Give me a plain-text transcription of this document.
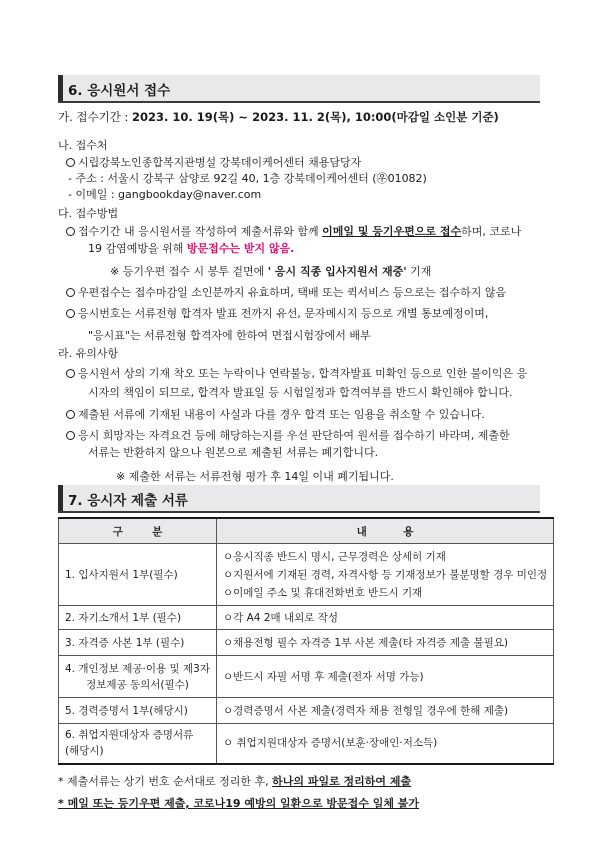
6. 응시원서 접수
가. 접수기간 : 2023. 10. 19(목) ~ 2023. 11. 2(목), 10:00(마감일 소인분 기준)
나. 접수처
시립강북노인종합복지관병설 강북데이케어센터 채용담당자
- 주소 : 서울시 강북구 삼양로 92길 40, 1층 강북데이케어센터 (㉾01082)
- 이메일 : gangbookday@naver.com
다. 접수방법
접수기간 내 응시원서를 작성하여 제출서류와 함께 이메일 및 등기우편으로 접수하며, 코로나
19 감염예방을 위해 방문접수는 받지 않음.
※ 등기우편 접수 시 봉투 겉면에 ' 응시 직종 입사지원서 재중' 기재
우편접수는 접수마감일 소인분까지 유효하며, 택배 또는 퀵서비스 등으로는 접수하지 않음
응시번호는 서류전형 합격자 발표 전까지 유선, 문자메시지 등으로 개별 통보예정이며,
"응시표"는 서류전형 합격자에 한하여 면접시험장에서 배부
라. 유의사항
응시원서 상의 기재 착오 또는 누락이나 연락불능, 합격자발표 미확인 등으로 인한 불이익은 응
시자의 책임이 되므로, 합격자 발표일 등 시험일정과 합격여부를 반드시 확인해야 합니다.
제출된 서류에 기재된 내용이 사실과 다를 경우 합격 또는 임용을 취소할 수 있습니다.
응시 희망자는 자격요건 등에 해당하는지를 우선 판단하여 원서를 접수하기 바라며, 제출한
서류는 반환하지 않으나 원본으로 제출된 서류는 폐기합니다.
※ 제출한 서류는 서류전형 평가 후 14일 이내 폐기됩니다.
7. 응시자 제출 서류
구        분	내          용
1. 입사지원서 1부(필수)	ㅇ응시직종 반드시 명시, 근무경력은 상세히 기재
ㅇ지원서에 기재된 경력, 자격사항 등 기재정보가 불분명할 경우 미인정
ㅇ이메일 주소 및 휴대전화번호 반드시 기재

2. 자기소개서 1부 (필수)	ㅇ각 A4 2매 내외로 작성

3. 자격증 사본 1부 (필수)	ㅇ채용전형 필수 자격증 1부 사본 제출(타 자격증 제출 불필요)

4. 개인정보 제공·이용 및 제3자
정보제공 동의서(필수)	ㅇ반드시 자필 서명 후 제출(전자 서명 가능)

5. 경력증명서 1부(해당시)	ㅇ경력증명서 사본 제출(경력자 채용 전형일 경우에 한해 제출)

6. 취업지원대상자 증명서류
(해당시)	ㅇ 취업지원대상자 증명서(보훈·장애인·저소득)
* 제출서류는 상기 번호 순서대로 정리한 후, 하나의 파일로 정리하여 제출
* 메일 또는 등기우편 제출, 코로나19 예방의 일환으로 방문접수 일체 불가
